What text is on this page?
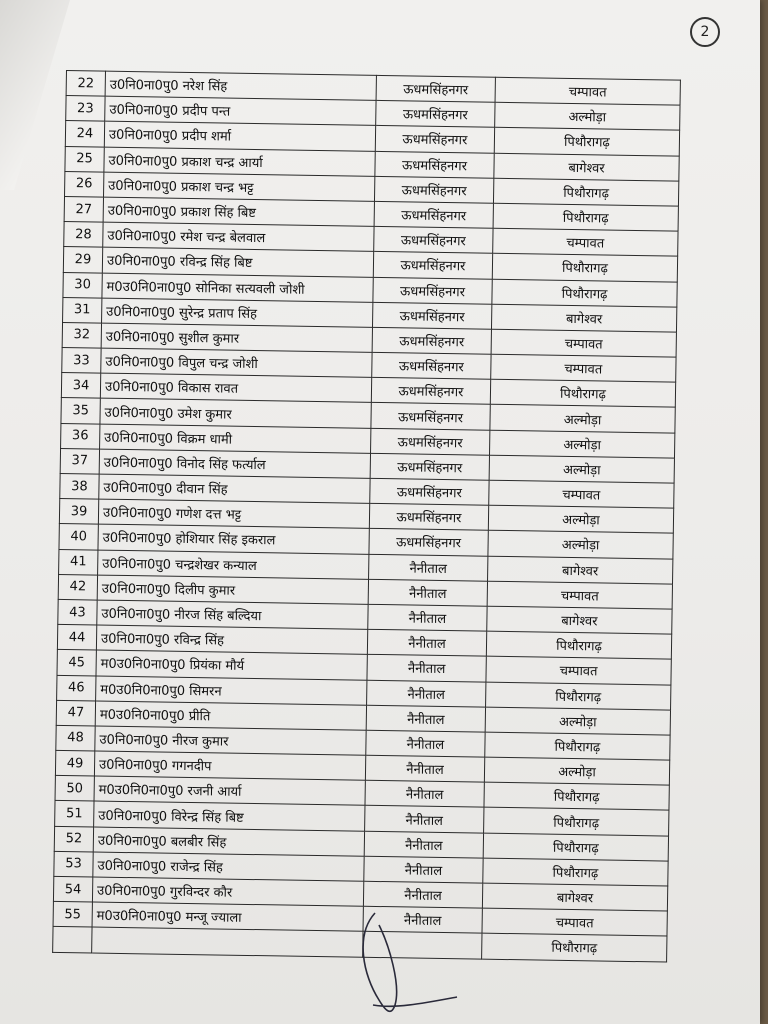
2
22	उ0नि0ना0पु0 नरेश सिंह	ऊधमसिंहनगर	चम्पावत
23	उ0नि0ना0पु0 प्रदीप पन्त	ऊधमसिंहनगर	अल्मोड़ा
24	उ0नि0ना0पु0 प्रदीप शर्मा	ऊधमसिंहनगर	पिथौरागढ़
25	उ0नि0ना0पु0 प्रकाश चन्द्र आर्या	ऊधमसिंहनगर	बागेश्वर
26	उ0नि0ना0पु0 प्रकाश चन्द्र भट्ट	ऊधमसिंहनगर	पिथौरागढ़
27	उ0नि0ना0पु0 प्रकाश सिंह बिष्ट	ऊधमसिंहनगर	पिथौरागढ़
28	उ0नि0ना0पु0 रमेश चन्द्र बेलवाल	ऊधमसिंहनगर	चम्पावत
29	उ0नि0ना0पु0 रविन्द्र सिंह बिष्ट	ऊधमसिंहनगर	पिथौरागढ़
30	म0उ0नि0ना0पु0 सोनिका सत्यवली जोशी	ऊधमसिंहनगर	पिथौरागढ़
31	उ0नि0ना0पु0 सुरेन्द्र प्रताप सिंह	ऊधमसिंहनगर	बागेश्वर
32	उ0नि0ना0पु0 सुशील कुमार	ऊधमसिंहनगर	चम्पावत
33	उ0नि0ना0पु0 विपुल चन्द्र जोशी	ऊधमसिंहनगर	चम्पावत
34	उ0नि0ना0पु0 विकास रावत	ऊधमसिंहनगर	पिथौरागढ़
35	उ0नि0ना0पु0 उमेश कुमार	ऊधमसिंहनगर	अल्मोड़ा
36	उ0नि0ना0पु0 विक्रम धामी	ऊधमसिंहनगर	अल्मोड़ा
37	उ0नि0ना0पु0 विनोद सिंह फर्त्याल	ऊधमसिंहनगर	अल्मोड़ा
38	उ0नि0ना0पु0 दीवान सिंह	ऊधमसिंहनगर	चम्पावत
39	उ0नि0ना0पु0 गणेश दत्त भट्ट	ऊधमसिंहनगर	अल्मोड़ा
40	उ0नि0ना0पु0 होशियार सिंह इकराल	ऊधमसिंहनगर	अल्मोड़ा
41	उ0नि0ना0पु0 चन्द्रशेखर कन्याल	नैनीताल	बागेश्वर
42	उ0नि0ना0पु0 दिलीप कुमार	नैनीताल	चम्पावत
43	उ0नि0ना0पु0 नीरज सिंह बल्दिया	नैनीताल	बागेश्वर
44	उ0नि0ना0पु0 रविन्द्र सिंह	नैनीताल	पिथौरागढ़
45	म0उ0नि0ना0पु0 प्रियंका मौर्य	नैनीताल	चम्पावत
46	म0उ0नि0ना0पु0 सिमरन	नैनीताल	पिथौरागढ़
47	म0उ0नि0ना0पु0 प्रीति	नैनीताल	अल्मोड़ा
48	उ0नि0ना0पु0 नीरज कुमार	नैनीताल	पिथौरागढ़
49	उ0नि0ना0पु0 गगनदीप	नैनीताल	अल्मोड़ा
50	म0उ0नि0ना0पु0 रजनी आर्या	नैनीताल	पिथौरागढ़
51	उ0नि0ना0पु0 विरेन्द्र सिंह बिष्ट	नैनीताल	पिथौरागढ़
52	उ0नि0ना0पु0 बलबीर सिंह	नैनीताल	पिथौरागढ़
53	उ0नि0ना0पु0 राजेन्द्र सिंह	नैनीताल	पिथौरागढ़
54	उ0नि0ना0पु0 गुरविन्दर कौर	नैनीताल	बागेश्वर
55	म0उ0नि0ना0पु0 मन्जू ज्याला	नैनीताल	चम्पावत
			पिथौरागढ़
